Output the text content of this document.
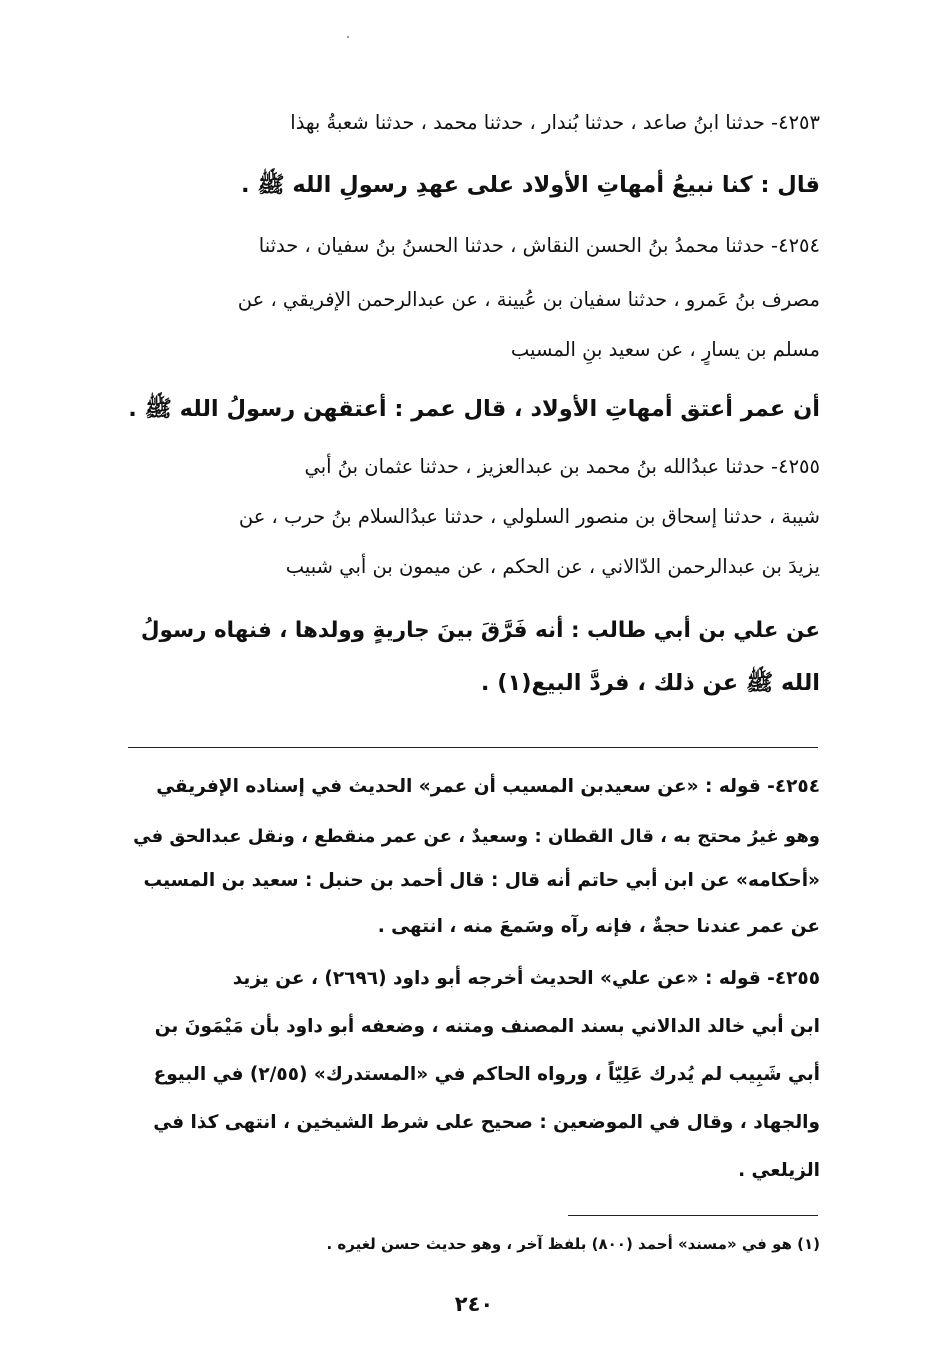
٤٢٥٣- حدثنا ابنُ صاعد ، حدثنا بُندار ، حدثنا محمد ، حدثنا شعبةُ بهذا
قال : كنا نبيعُ أمهاتِ الأولاد على عهدِ رسولِ الله ﷺ .
٤٢٥٤- حدثنا محمدُ بنُ الحسن النقاش ، حدثنا الحسنُ بنُ سفيان ، حدثنا
مصرف بنُ عَمرو ، حدثنا سفيان بن عُيينة ، عن عبدالرحمن الإفريقي ، عن
مسلم بن يسارٍ ، عن سعيد بنِ المسيب
أن عمر أعتق أمهاتِ الأولاد ، قال عمر : أعتقهن رسولُ الله ﷺ .
٤٢٥٥- حدثنا عبدُالله بنُ محمد بن عبدالعزيز ، حدثنا عثمان بنُ أبي
شيبة ، حدثنا إسحاق بن منصور السلولي ، حدثنا عبدُالسلام بنُ حرب ، عن
يزيدَ بن عبدالرحمن الدّالاني ، عن الحكم ، عن ميمون بن أبي شبيب
عن علي بن أبي طالب : أنه فَرَّقَ بينَ جاريةٍ وولدها ، فنهاه رسولُ
الله ﷺ عن ذلك ، فردَّ البيع(١) .
٤٢٥٤- قوله : «عن سعيدبن المسيب أن عمر» الحديث في إسناده الإفريقي
وهو غيرُ محتج به ، قال القطان : وسعيدٌ ، عن عمر منقطع ، ونقل عبدالحق في
«أحكامه» عن ابن أبي حاتم أنه قال : قال أحمد بن حنبل : سعيد بن المسيب
عن عمر عندنا حجةٌ ، فإنه رآه وسَمعَ منه ، انتهى .
٤٢٥٥- قوله : «عن علي» الحديث أخرجه أبو داود (٢٦٩٦) ، عن يزيد
ابن أبي خالد الدالاني بسند المصنف ومتنه ، وضعفه أبو داود بأن مَيْمَونَ بن
أبي شَبِيب لم يُدرك عَلِيّاً ، ورواه الحاكم في «المستدرك» (٢/٥٥) في البيوع
والجهاد ، وقال في الموضعين : صحيح على شرط الشيخين ، انتهى كذا في
الزيلعي .
(١) هو في «مسند» أحمد (٨٠٠) بلفظ آخر ، وهو حديث حسن لغيره .
٢٤٠
